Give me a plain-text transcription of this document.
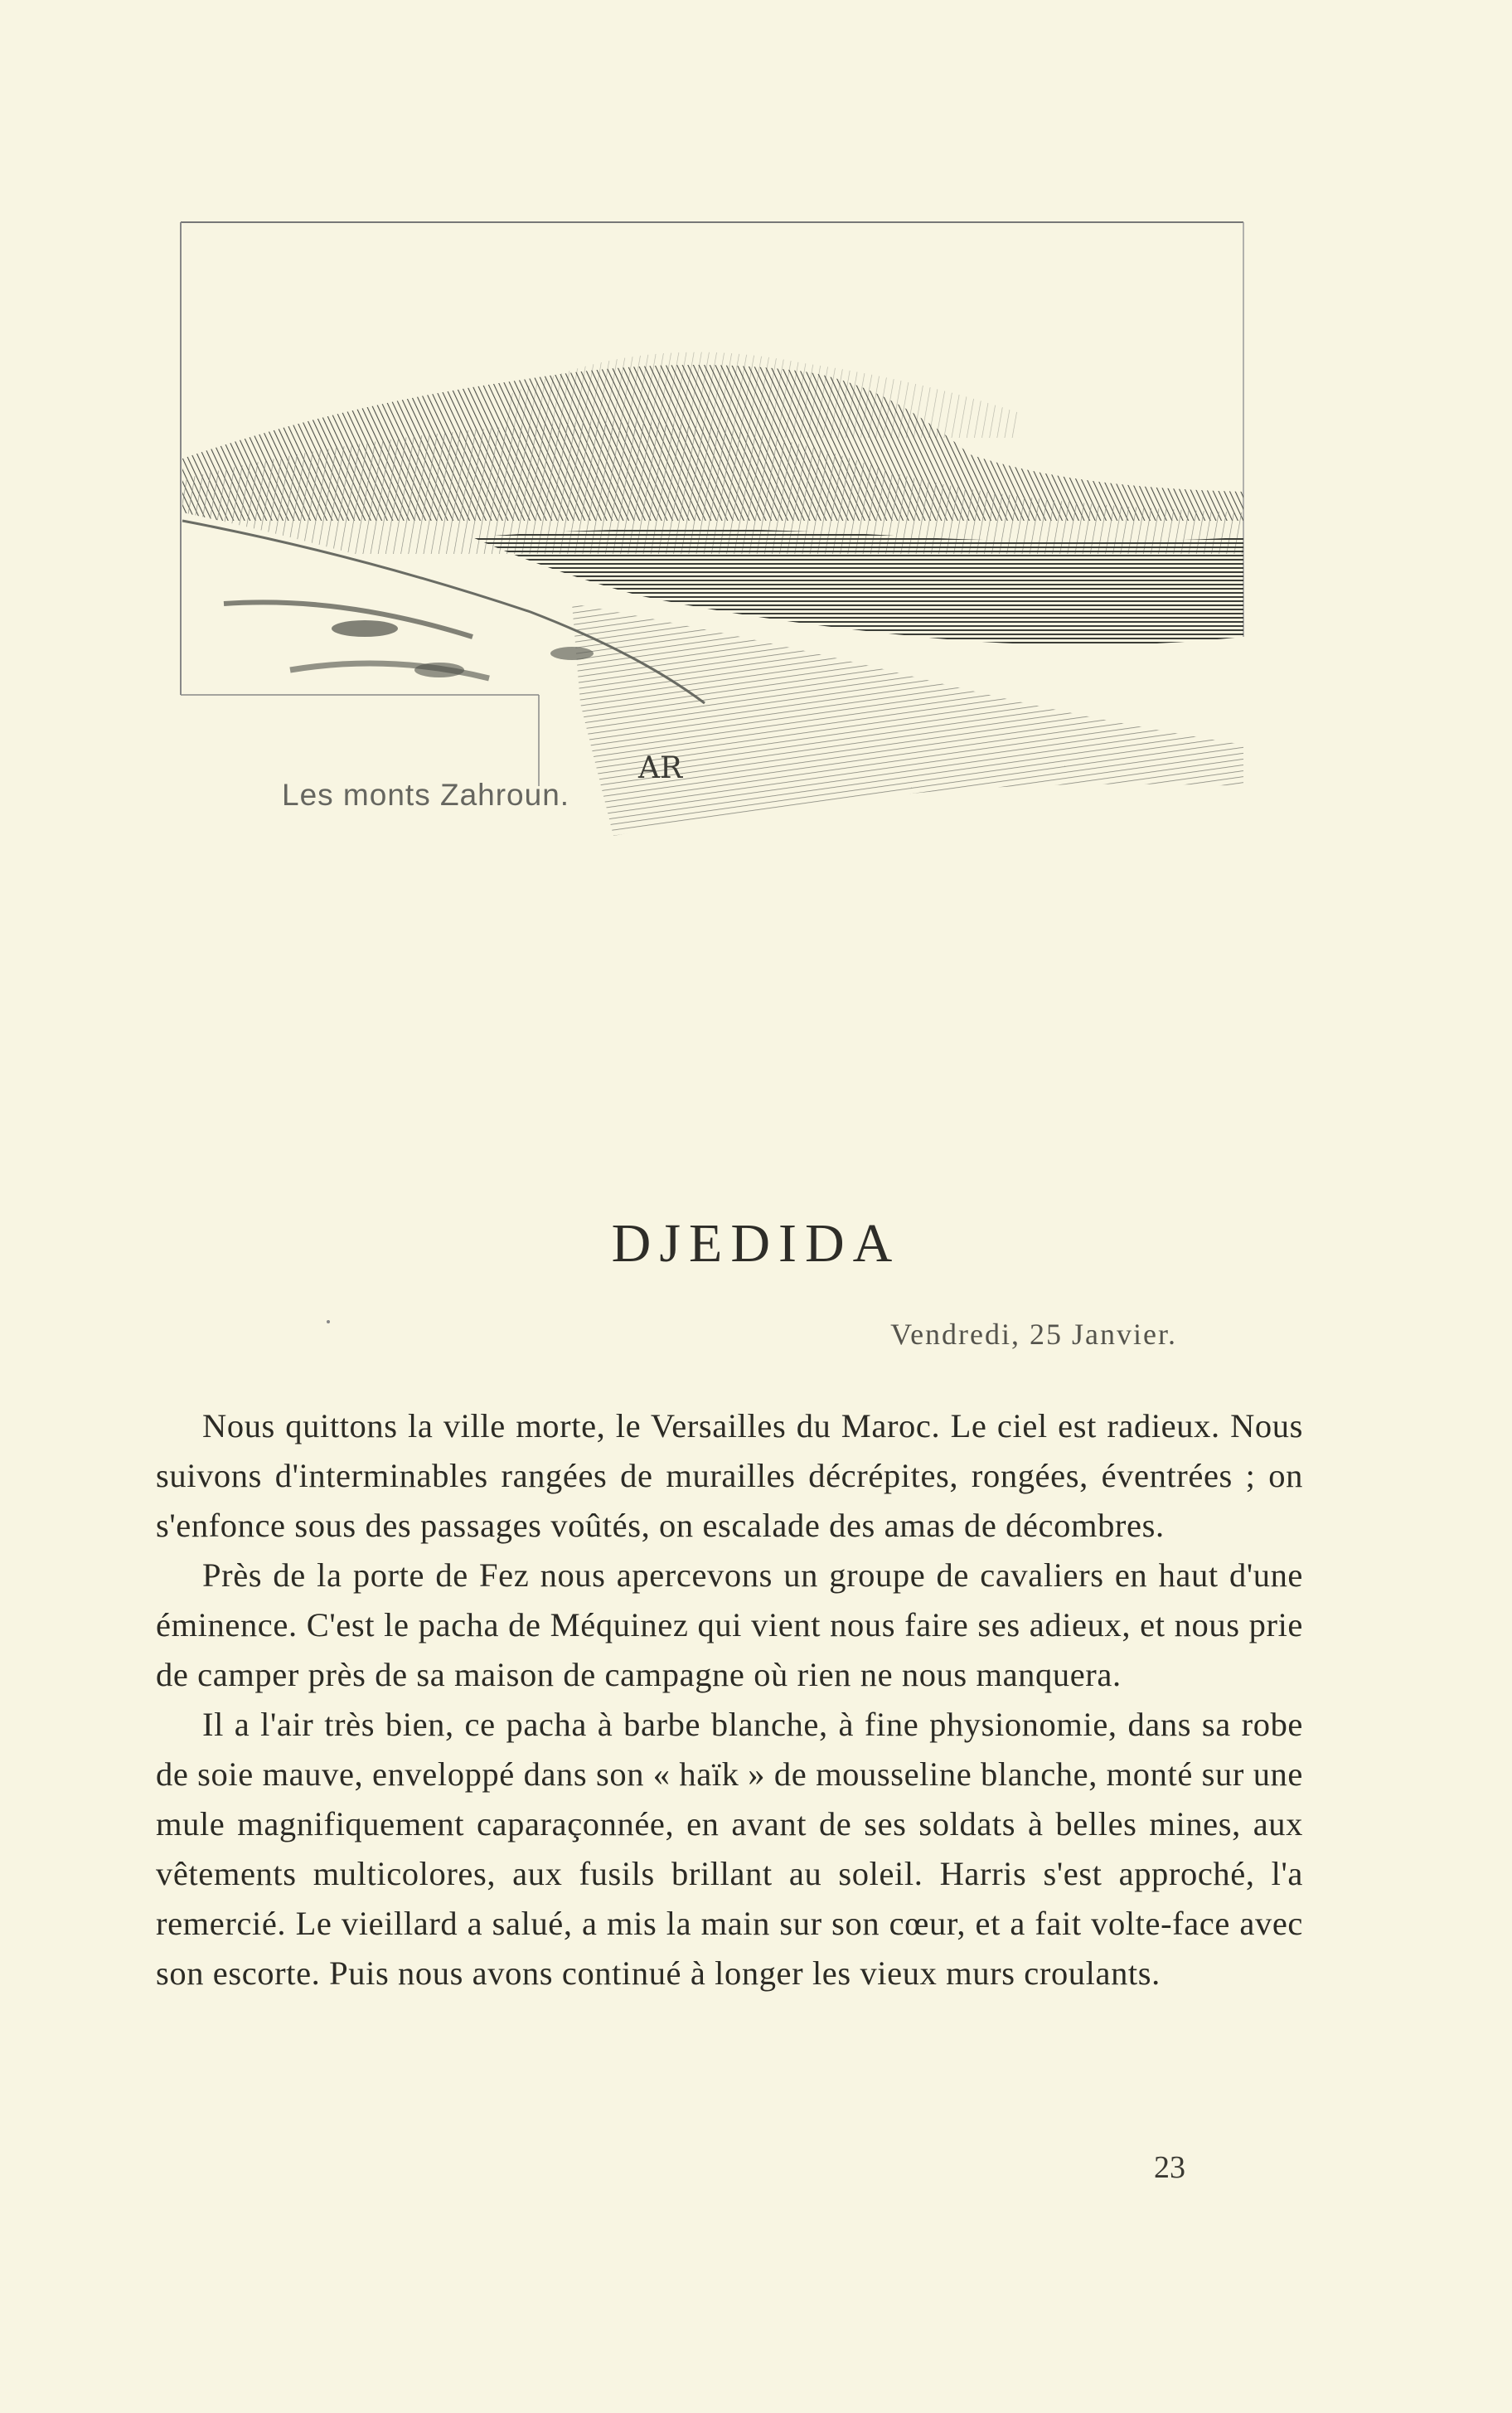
AR
Les monts Zahroun.
DJEDIDA
Vendredi, 25 Janvier.

Nous quittons la ville morte, le Versailles du Maroc. Le ciel est radieux. Nous suivons d'interminables rangées de murailles décrépites, rongées, éventrées ; on s'enfonce sous des passages voûtés, on escalade des amas de décombres.

Près de la porte de Fez nous apercevons un groupe de cavaliers en haut d'une éminence. C'est le pacha de Méquinez qui vient nous faire ses adieux, et nous prie de camper près de sa maison de campagne où rien ne nous manquera.

Il a l'air très bien, ce pacha à barbe blanche, à fine physionomie, dans sa robe de soie mauve, enveloppé dans son « haïk » de mousseline blanche, monté sur une mule magnifiquement caparaçonnée, en avant de ses soldats à belles mines, aux vêtements multicolores, aux fusils brillant au soleil. Harris s'est approché, l'a remercié. Le vieillard a salué, a mis la main sur son cœur, et a fait volte-face avec son escorte. Puis nous avons continué à longer les vieux murs croulants.

23
